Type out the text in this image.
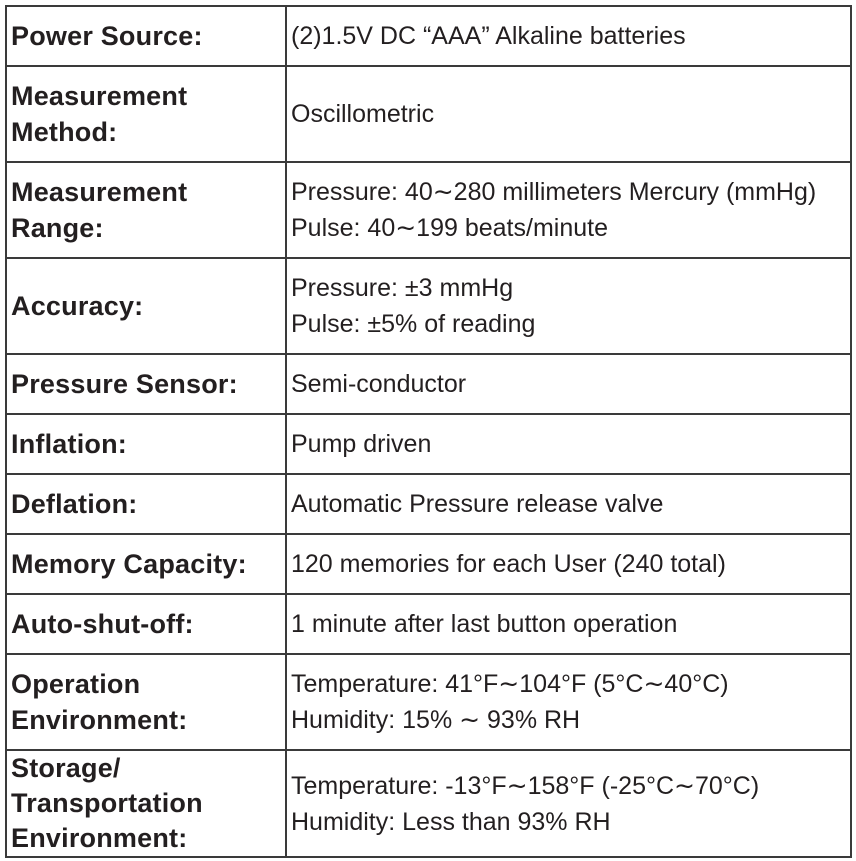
Power Source:	(2)1.5V DC “AAA” Alkaline batteries

Measurement
Method:	Oscillometric

Measurement
Range:	Pressure: 40∼280 millimeters Mercury (mmHg)
Pulse: 40∼199 beats/minute

Accuracy:	Pressure: ±3 mmHg
Pulse: ±5% of reading

Pressure Sensor:	Semi-conductor

Inflation:	Pump driven

Deflation:	Automatic Pressure release valve

Memory Capacity:	120 memories for each User (240 total)

Auto-shut-off:	1 minute after last button operation

Operation
Environment:	Temperature: 41°F∼104°F (5°C∼40°C)
Humidity: 15% ∼ 93% RH

Storage/
Transportation
Environment:	Temperature: -13°F∼158°F (-25°C∼70°C)
Humidity: Less than 93% RH
